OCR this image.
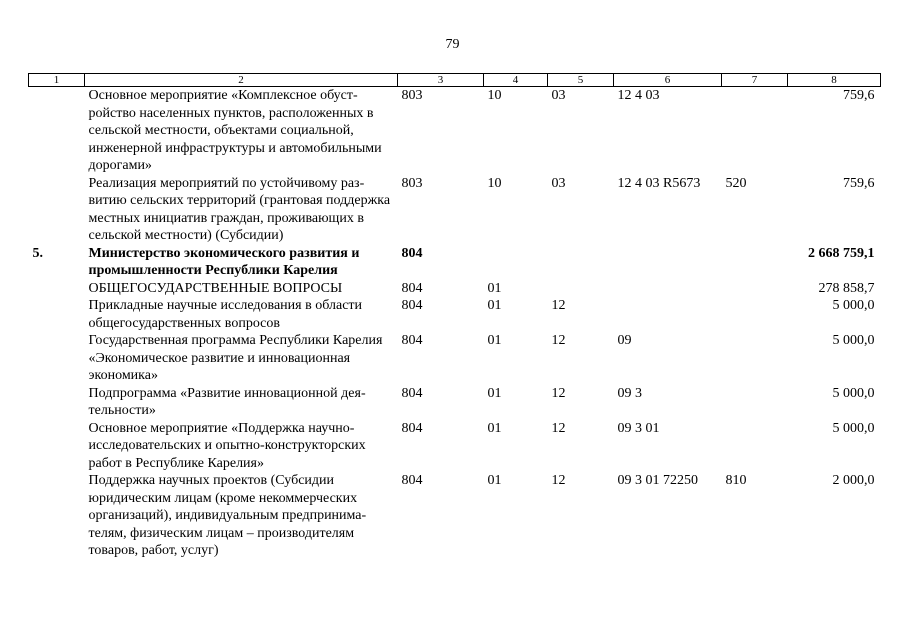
79
1	2	3	4	5	6	7	8
	Основное мероприятие «Комплексное обустройство населенных пунктов, расположенных в сельской местности, объектами социальной, инженерной инфраструктуры и автомобильными дорогами»	803	10	03	12 4 03		759,6
	Реализация мероприятий по устойчивому развитию сельских территорий (грантовая поддержка местных инициатив граждан, проживающих в сельской местности) (Субсидии)	803	10	03	12 4 03 R5673	520	759,6
5.	Министерство экономического развития и промышленности Республики Карелия	804					2 668 759,1
	ОБЩЕГОСУДАРСТВЕННЫЕ ВОПРОСЫ	804	01				278 858,7
	Прикладные научные исследования в области общегосударственных вопросов	804	01	12			5 000,0
	Государственная программа Республики Карелия «Экономическое развитие и инновационная экономика»	804	01	12	09		5 000,0
	Подпрограмма «Развитие инновационной деятельности»	804	01	12	09 3		5 000,0
	Основное мероприятие «Поддержка научно-исследовательских и опытно-конструкторских работ в Республике Карелия»	804	01	12	09 3 01		5 000,0
	Поддержка научных проектов (Субсидии юридическим лицам (кроме некоммерческих организаций), индивидуальным предпринимателям, физическим лицам – производителям товаров, работ, услуг)	804	01	12	09 3 01 72250	810	2 000,0
